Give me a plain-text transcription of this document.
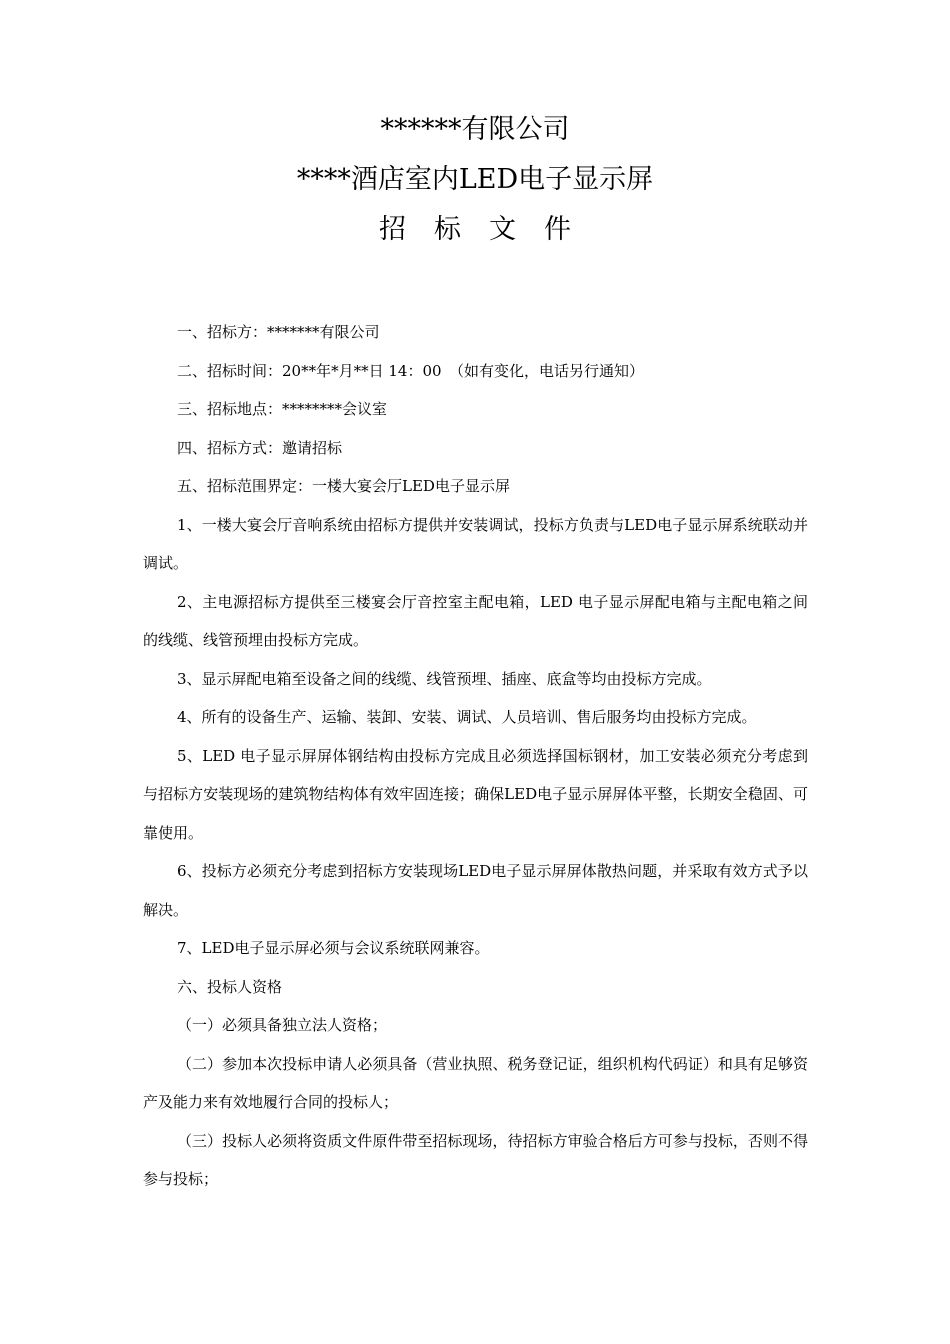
******有限公司
****酒店室内LED电子显示屏
招标文件

一、招标方：*******有限公司

二、招标时间：20**年*月**日 14：00　（如有变化，电话另行通知）

三、招标地点：********会议室

四、招标方式：邀请招标

五、招标范围界定：一楼大宴会厅LED电子显示屏

1、一楼大宴会厅音响系统由招标方提供并安装调试，投标方负责与LED电子显示屏系统联动并调试。

2、主电源招标方提供至三楼宴会厅音控室主配电箱，LED 电子显示屏配电箱与主配电箱之间的线缆、线管预埋由投标方完成。

3、显示屏配电箱至设备之间的线缆、线管预埋、插座、底盒等均由投标方完成。

4、所有的设备生产、运输、装卸、安装、调试、人员培训、售后服务均由投标方完成。

5、LED 电子显示屏屏体钢结构由投标方完成且必须选择国标钢材，加工安装必须充分考虑到与招标方安装现场的建筑物结构体有效牢固连接；确保LED电子显示屏屏体平整，长期安全稳固、可靠使用。

6、投标方必须充分考虑到招标方安装现场LED电子显示屏屏体散热问题，并采取有效方式予以解决。

7、LED电子显示屏必须与会议系统联网兼容。

六、投标人资格

（一）必须具备独立法人资格；

（二）参加本次投标申请人必须具备（营业执照、税务登记证，组织机构代码证）和具有足够资产及能力来有效地履行合同的投标人；

（三）投标人必须将资质文件原件带至招标现场，待招标方审验合格后方可参与投标，否则不得参与投标；
